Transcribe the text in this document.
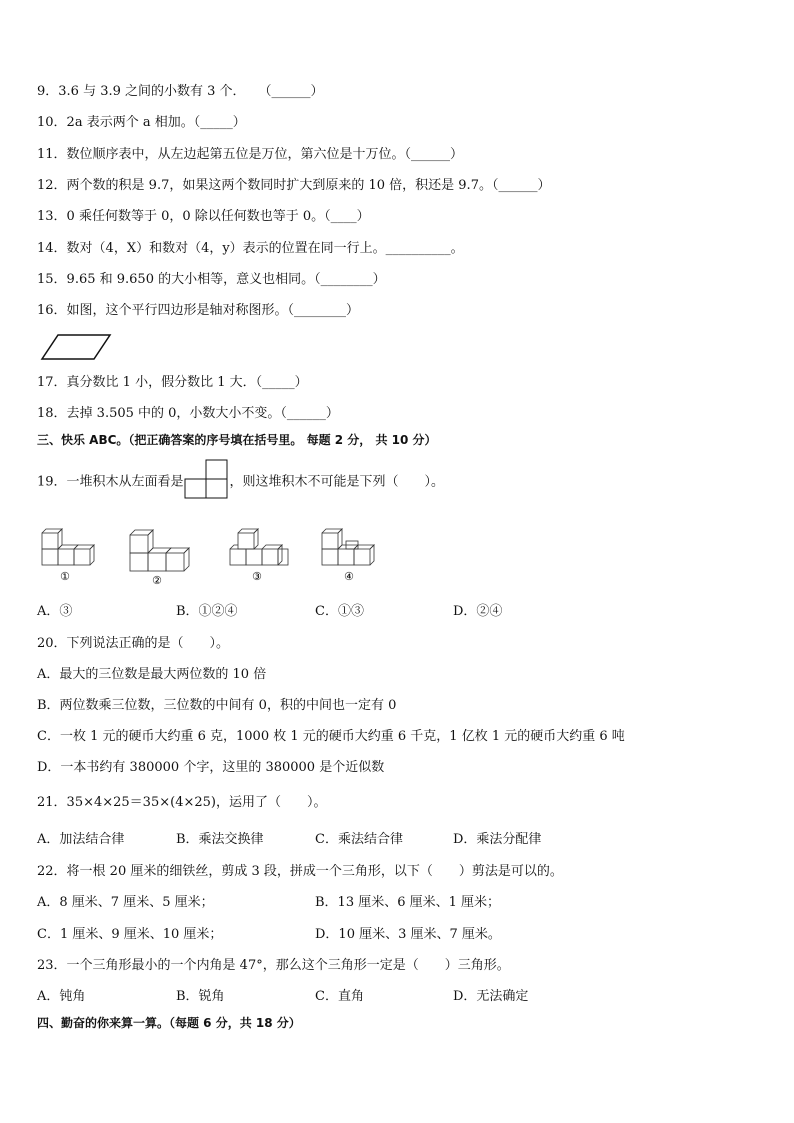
9．3.6 与 3.9 之间的小数有 3 个．　　（______）
10．2a 表示两个 a 相加。（_____）
11．数位顺序表中，从左边起第五位是万位，第六位是十万位。（______）
12．两个数的积是 9.7，如果这两个数同时扩大到原来的 10 倍，积还是 9.7。（______）
13．0 乘任何数等于 0，0 除以任何数也等于 0。（____）
14．数对（4，X）和数对（4，y）表示的位置在同一行上。__________。
15．9.65 和 9.650 的大小相等，意义也相同。（________）
16．如图，这个平行四边形是轴对称图形。（________）
17．真分数比 1 小，假分数比 1 大．（_____）
18．去掉 3.505 中的 0，小数大小不变。（______）
三、快乐 ABC。（把正确答案的序号填在括号里。 每题 2 分， 共 10 分）
19．一堆积木从左面看是	，则这堆积木不可能是下列（　　）。
①	②	③	④
A．③	B．①②④	C．①③	D．②④
20．下列说法正确的是（　　）。
A．最大的三位数是最大两位数的 10 倍
B．两位数乘三位数，三位数的中间有 0，积的中间也一定有 0
C．一枚 1 元的硬币大约重 6 克，1000 枚 1 元的硬币大约重 6 千克，1 亿枚 1 元的硬币大约重 6 吨
D．一本书约有 380000 个字，这里的 380000 是个近似数
21．35×4×25＝35×(4×25)，运用了（　　）。
A．加法结合律	B．乘法交换律	C．乘法结合律	D．乘法分配律
22．将一根 20 厘米的细铁丝，剪成 3 段，拼成一个三角形，以下（　　）剪法是可以的。
A．8 厘米、7 厘米、5 厘米；	B．13 厘米、6 厘米、1 厘米；
C．1 厘米、9 厘米、10 厘米；	D．10 厘米、3 厘米、7 厘米。
23．一个三角形最小的一个内角是 47°，那么这个三角形一定是（　　）三角形。
A．钝角	B．锐角	C．直角	D．无法确定
四、勤奋的你来算一算。（每题 6 分，共 18 分）
